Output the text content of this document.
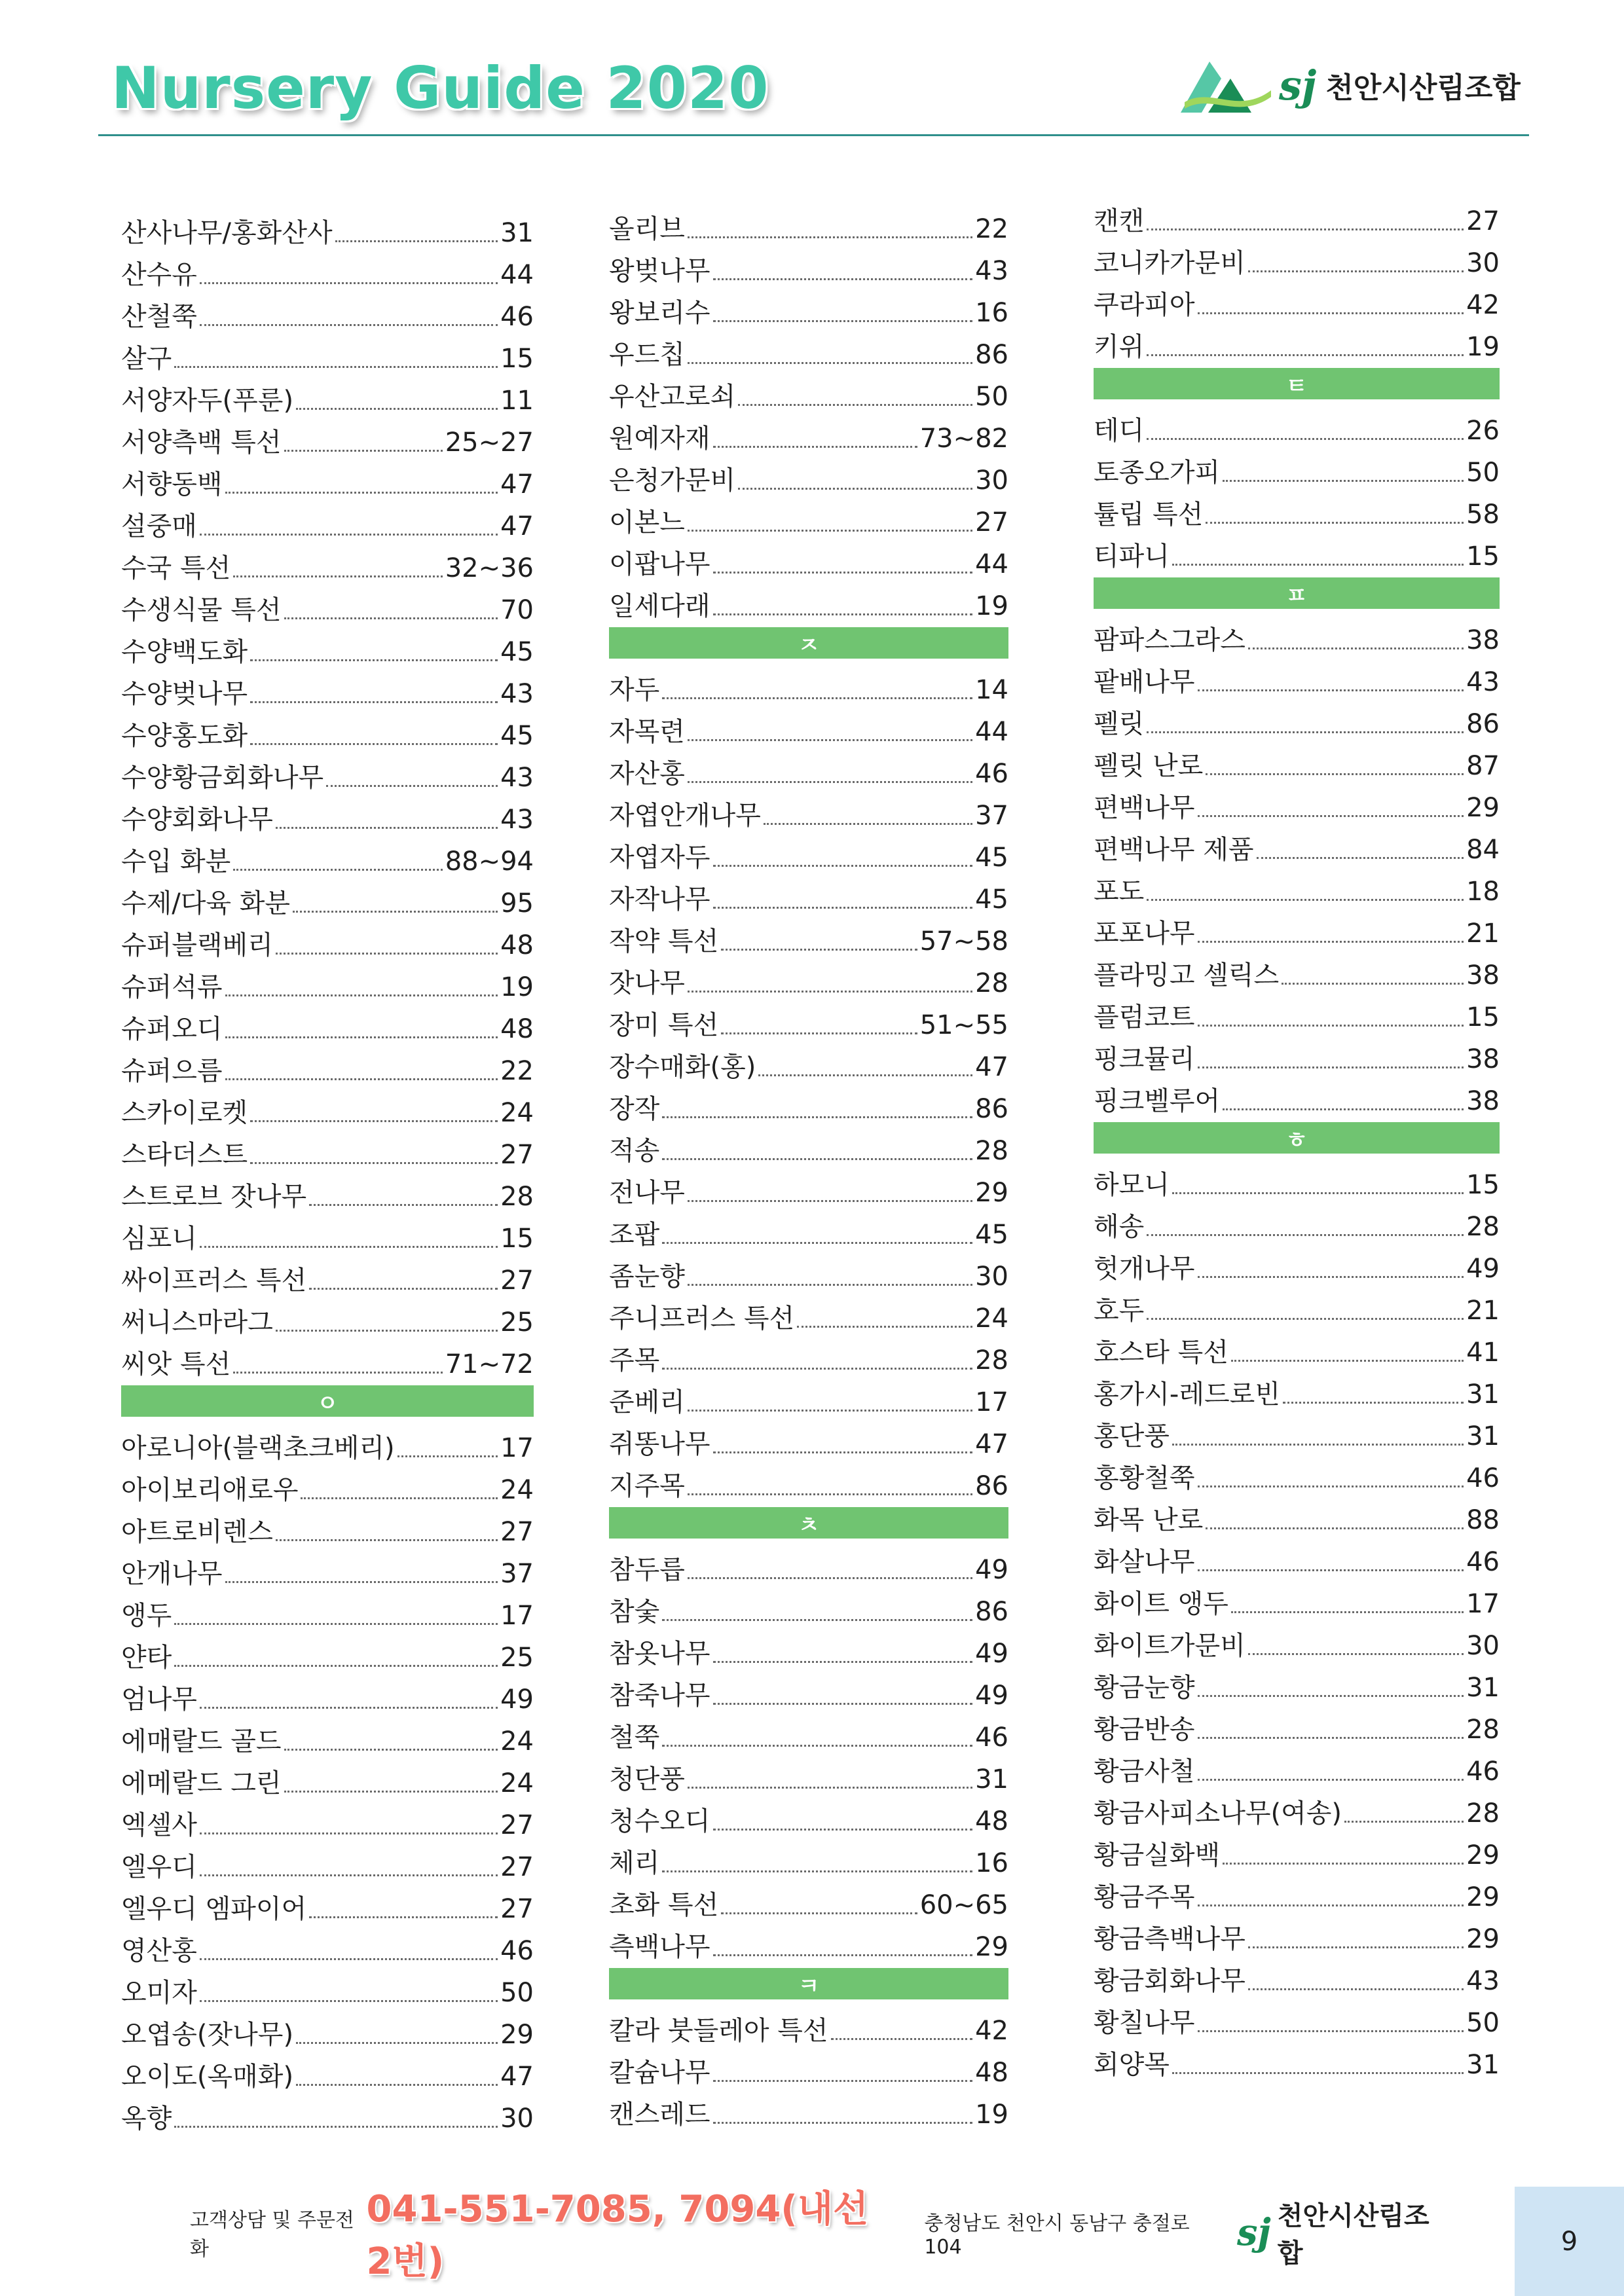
Nursery Guide 2020	sj 천안시산림조합
산사나무/홍화산사	31
산수유	44
산철쭉	46
살구	15
서양자두(푸룬)	11
서양측백 특선	25~27
서향동백	47
설중매	47
수국 특선	32~36
수생식물 특선	70
수양백도화	45
수양벚나무	43
수양홍도화	45
수양황금회화나무	43
수양회화나무	43
수입 화분	88~94
수제/다육 화분	95
슈퍼블랙베리	48
슈퍼석류	19
슈퍼오디	48
슈퍼으름	22
스카이로켓	24
스타더스트	27
스트로브 잣나무	28
심포니	15
싸이프러스 특선	27
써니스마라그	25
씨앗 특선	71~72
ㅇ
아로니아(블랙초크베리)	17
아이보리애로우	24
아트로비렌스	27
안개나무	37
앵두	17
얀타	25
엄나무	49
에매랄드 골드	24
에메랄드 그린	24
엑셀사	27
엘우디	27
엘우디 엠파이어	27
영산홍	46
오미자	50
오엽송(잣나무)	29
오이도(옥매화)	47
옥향	30
올리브	22
왕벚나무	43
왕보리수	16
우드칩	86
우산고로쇠	50
원예자재	73~82
은청가문비	30
이본느	27
이팝나무	44
일세다래	19
ㅈ
자두	14
자목련	44
자산홍	46
자엽안개나무	37
자엽자두	45
자작나무	45
작약 특선	57~58
잣나무	28
장미 특선	51~55
장수매화(홍)	47
장작	86
적송	28
전나무	29
조팝	45
좀눈향	30
주니프러스 특선	24
주목	28
준베리	17
쥐똥나무	47
지주목	86
ㅊ
참두릅	49
참숯	86
참옷나무	49
참죽나무	49
철쭉	46
청단풍	31
청수오디	48
체리	16
초화 특선	60~65
측백나무	29
ㅋ
칼라 붓들레아 특선	42
칼슘나무	48
캔스레드	19
캔캔	27
코니카가문비	30
쿠라피아	42
키위	19
ㅌ
테디	26
토종오가피	50
튤립 특선	58
티파니	15
ㅍ
팜파스그라스	38
팥배나무	43
펠릿	86
펠릿 난로	87
편백나무	29
편백나무 제품	84
포도	18
포포나무	21
플라밍고 셀릭스	38
플럼코트	15
핑크뮬리	38
핑크벨루어	38
ㅎ
하모니	15
해송	28
헛개나무	49
호두	21
호스타 특선	41
홍가시-레드로빈	31
홍단풍	31
홍황철쭉	46
화목 난로	88
화살나무	46
화이트 앵두	17
화이트가문비	30
황금눈향	31
황금반송	28
황금사철	46
황금사피소나무(여송)	28
황금실화백	29
황금주목	29
황금측백나무	29
황금회화나무	43
황칠나무	50
회양목	31
고객상담 및 주문전화
041-551-7085, 7094(내선2번)
충청남도 천안시 동남구 충절로 104	sj 천안시산림조합	9
